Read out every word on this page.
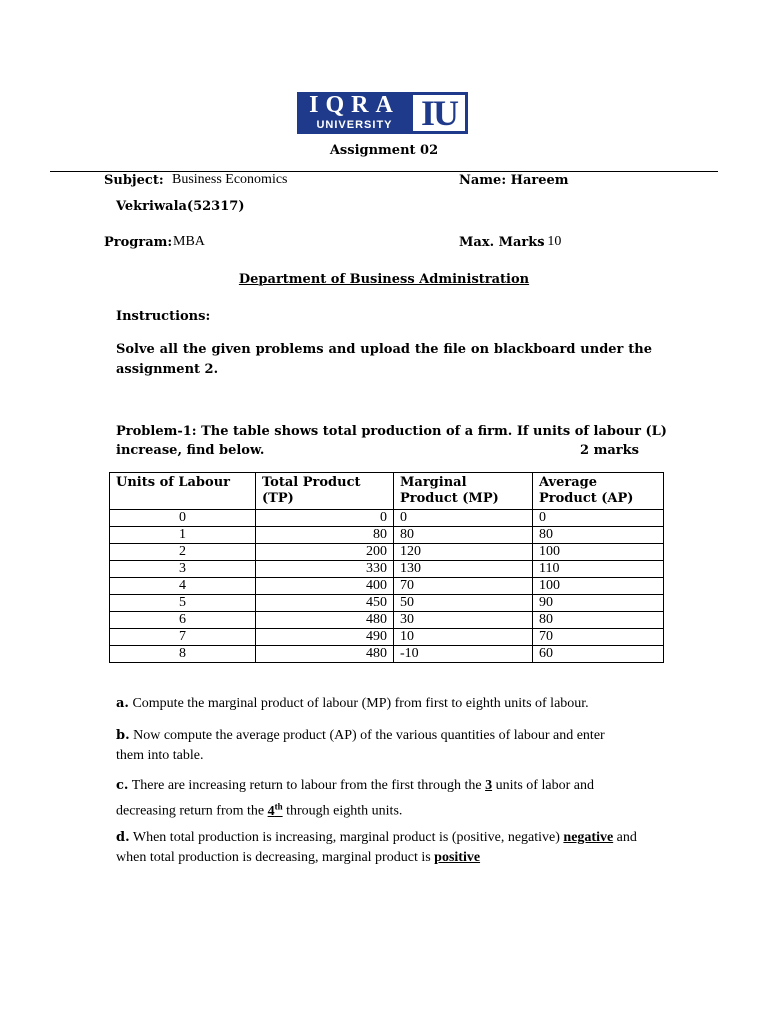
IQRA
UNIVERSITY IU
Assignment 02
Subject: Business Economics	Name: Hareem
Vekriwala(52317)
Program: MBA	Max. Marks
: 10
Department of Business Administration
Instructions:
Solve all the given problems and upload the file on blackboard under the assignment 2.
Problem-1: The table shows total production of a firm. If units of labour (L)
increase, find below.	2 marks
Units of Labour	Total Product (TP)	Marginal Product (MP)	Average Product (AP)
0	0	0	0
1	80	80	80
2	200	120	100
3	330	130	110
4	400	70	100
5	450	50	90
6	480	30	80
7	490	10	70
8	480	-10	60
a. Compute the marginal product of labour (MP) from first to eighth units of labour.
b. Now compute the average product (AP) of the various quantities of labour and enter them into table.
c. There are increasing return to labour from the first through the 3 units of labor and decreasing return from the 4th through eighth units.
d. When total production is increasing, marginal product is (positive, negative) negative and when total production is decreasing, marginal product is positive
